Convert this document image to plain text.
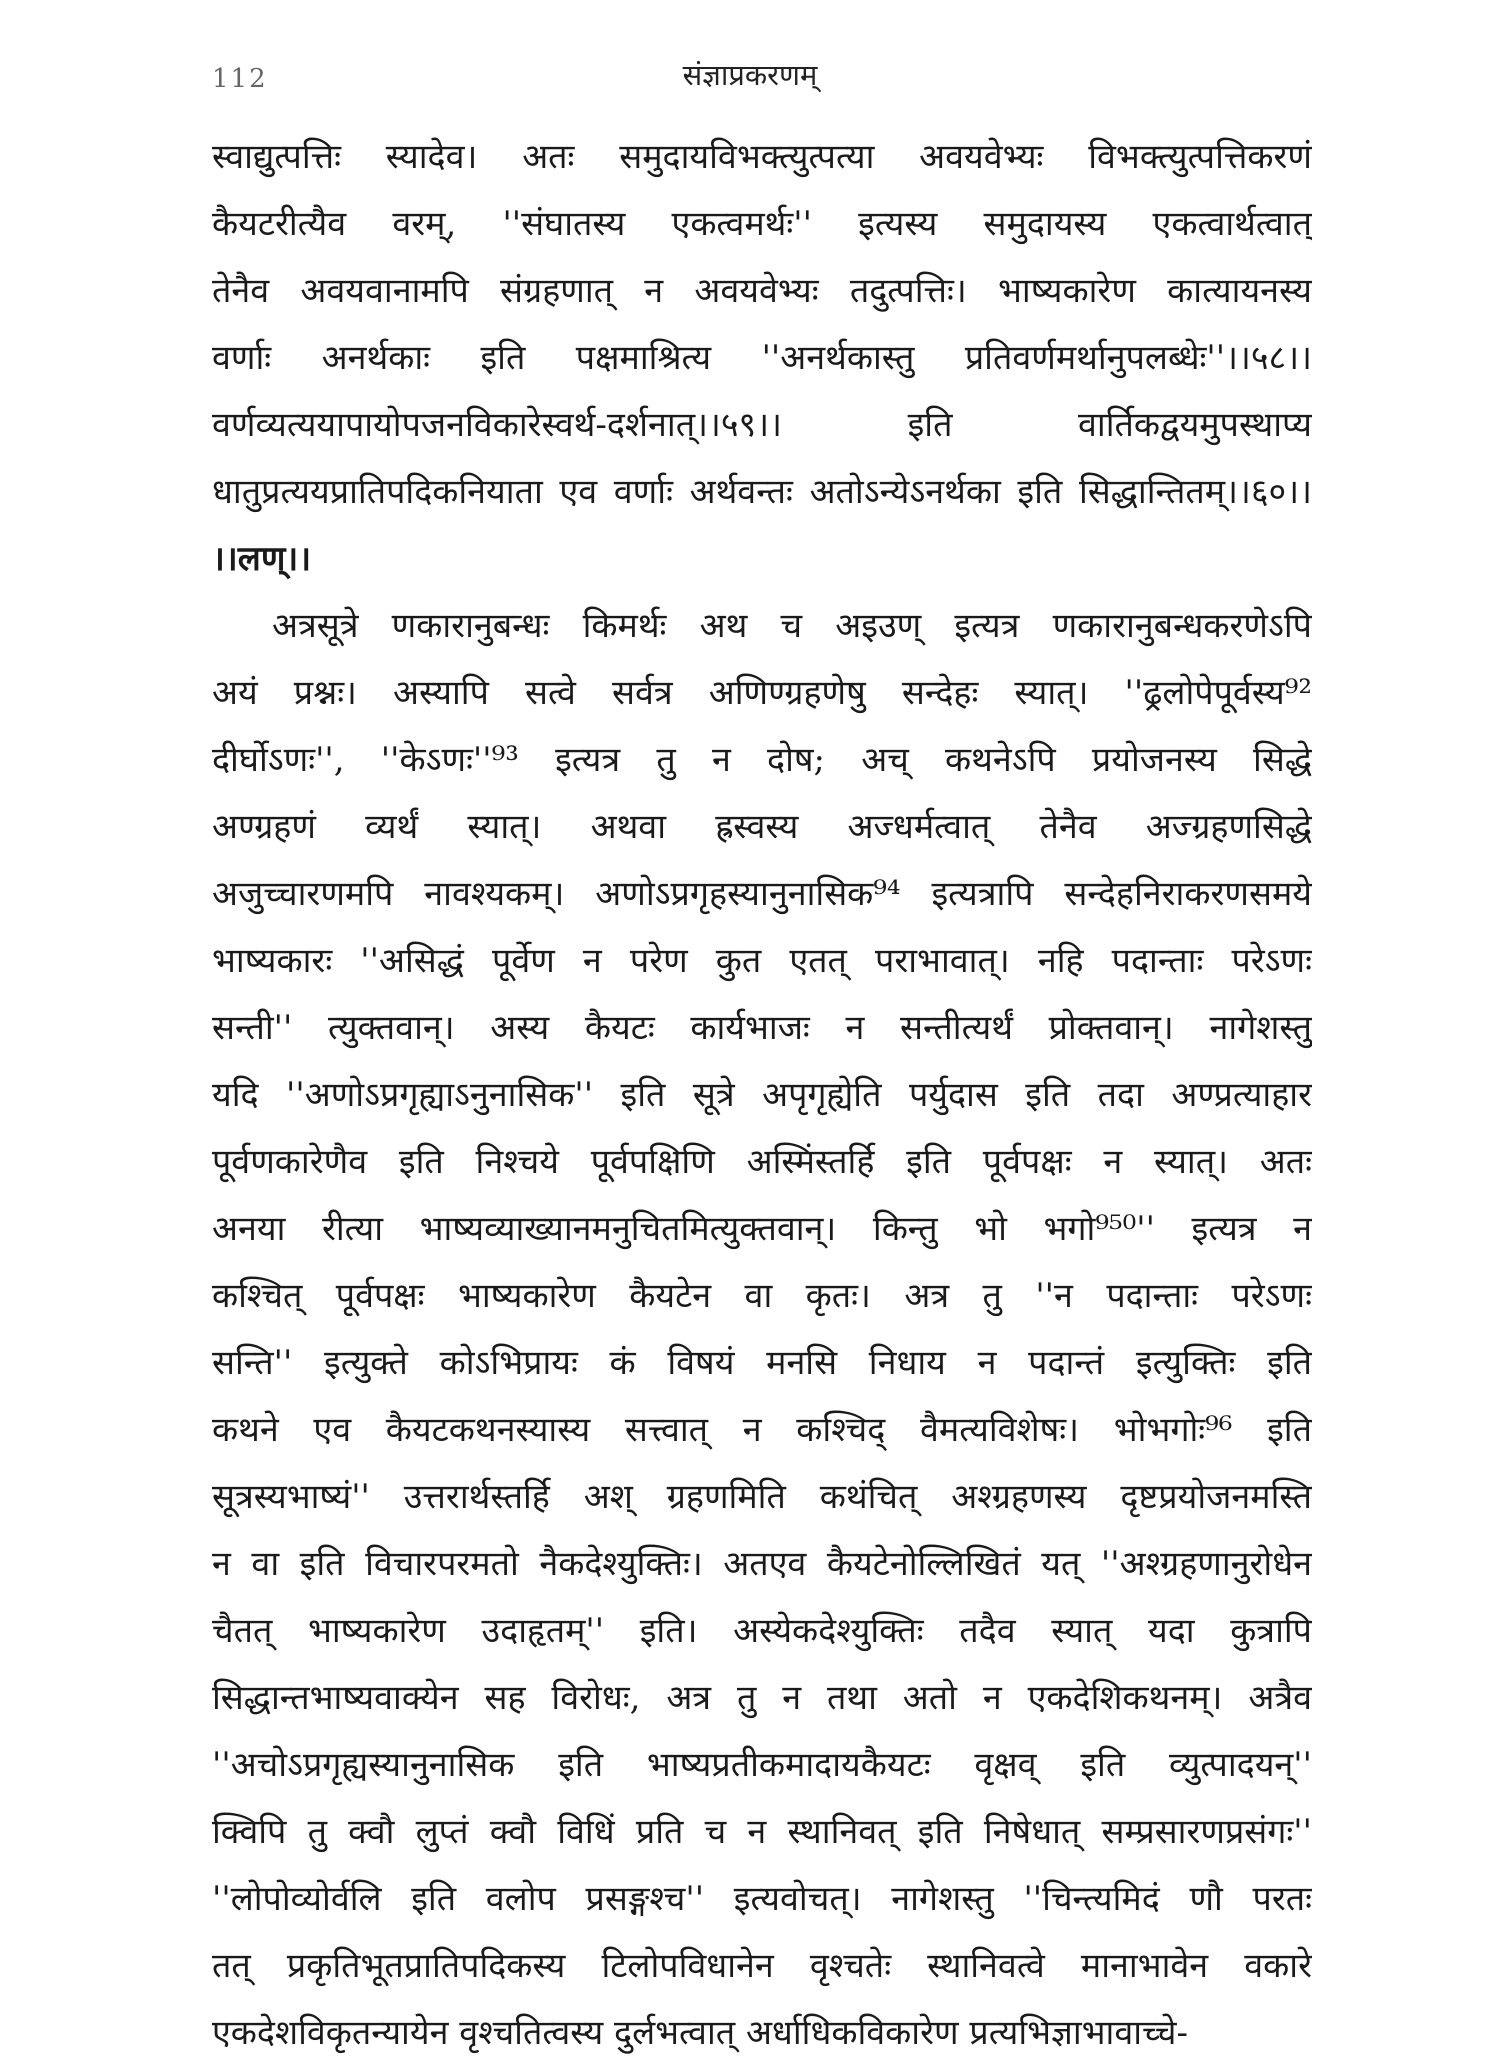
112	संज्ञाप्रकरणम्
स्वाद्युत्पत्तिः स्यादेव। अतः समुदायविभक्त्युत्पत्या अवयवेभ्यः विभक्त्युत्पत्तिकरणं
कैयटरीत्यैव वरम्, ''संघातस्य एकत्वमर्थः'' इत्यस्य समुदायस्य एकत्वार्थत्वात्
तेनैव अवयवानामपि संग्रहणात् न अवयवेभ्यः तदुत्पत्तिः। भाष्यकारेण कात्यायनस्य
वर्णाः अनर्थकाः इति पक्षमाश्रित्य ''अनर्थकास्तु प्रतिवर्णमर्थानुपलब्धेः''।।५८।।
वर्णव्यत्ययापायोपजनविकारेस्वर्थ-दर्शनात्।।५९।। इति वार्तिकद्वयमुपस्थाप्य
धातुप्रत्ययप्रातिपदिकनियाता एव वर्णाः अर्थवन्तः अतोऽन्येऽनर्थका इति सिद्धान्तितम्।।६०।।
।।लण्।।
अत्रसूत्रे णकारानुबन्धः किमर्थः अथ च अइउण् इत्यत्र णकारानुबन्धकरणेऽपि
अयं प्रश्नः। अस्यापि सत्वे सर्वत्र अणिण्ग्रहणेषु सन्देहः स्यात्। ''ढ्रलोपेपूर्वस्य⁹²
दीर्घोऽणः'', ''केऽणः''⁹³ इत्यत्र तु न दोष; अच् कथनेऽपि प्रयोजनस्य सिद्धे
अण्ग्रहणं व्यर्थं स्यात्। अथवा ह्रस्वस्य अज्धर्मत्वात् तेनैव अज्ग्रहणसिद्धे
अजुच्चारणमपि नावश्यकम्। अणोऽप्रगृहस्यानुनासिक⁹⁴ इत्यत्रापि सन्देहनिराकरणसमये
भाष्यकारः ''असिद्धं पूर्वेण न परेण कुत एतत् पराभावात्। नहि पदान्ताः परेऽणः
सन्ती'' त्युक्तवान्। अस्य कैयटः कार्यभाजः न सन्तीत्यर्थं प्रोक्तवान्। नागेशस्तु
यदि ''अणोऽप्रगृह्याऽनुनासिक'' इति सूत्रे अपृगृह्येति पर्युदास इति तदा अण्प्रत्याहार
पूर्वणकारेणैव इति निश्चये पूर्वपक्षिणि अस्मिंस्तर्हि इति पूर्वपक्षः न स्यात्। अतः
अनया रीत्या भाष्यव्याख्यानमनुचितमित्युक्तवान्। किन्तु भो भगो⁹⁵⁰'' इत्यत्र न
कश्चित् पूर्वपक्षः भाष्यकारेण कैयटेन वा कृतः। अत्र तु ''न पदान्ताः परेऽणः
सन्ति'' इत्युक्ते कोऽभिप्रायः कं विषयं मनसि निधाय न पदान्तं इत्युक्तिः इति
कथने एव कैयटकथनस्यास्य सत्त्वात् न कश्चिद् वैमत्यविशेषः। भोभगोः⁹⁶ इति
सूत्रस्यभाष्यं'' उत्तरार्थस्तर्हि अश् ग्रहणमिति कथंचित् अश्ग्रहणस्य दृष्टप्रयोजनमस्ति
न वा इति विचारपरमतो नैकदेश्युक्तिः। अतएव कैयटेनोल्लिखितं यत् ''अश्ग्रहणानुरोधेन
चैतत् भाष्यकारेण उदाहृतम्'' इति। अस्येकदेश्युक्तिः तदैव स्यात् यदा कुत्रापि
सिद्धान्तभाष्यवाक्येन सह विरोधः, अत्र तु न तथा अतो न एकदेशिकथनम्। अत्रैव
''अचोऽप्रगृह्यस्यानुनासिक इति भाष्यप्रतीकमादायकैयटः वृक्षव् इति व्युत्पादयन्''
क्विपि तु क्वौ लुप्तं क्वौ विधिं प्रति च न स्थानिवत् इति निषेधात् सम्प्रसारणप्रसंगः''
''लोपोव्योर्वलि इति वलोप प्रसङ्गश्च'' इत्यवोचत्। नागेशस्तु ''चिन्त्यमिदं णौ परतः
तत् प्रकृतिभूतप्रातिपदिकस्य टिलोपविधानेन वृश्चतेः स्थानिवत्वे मानाभावेन वकारे
एकदेशविकृतन्यायेन वृश्चतित्वस्य दुर्लभत्वात् अर्धाधिकविकारेण प्रत्यभिज्ञाभावाच्चे-
